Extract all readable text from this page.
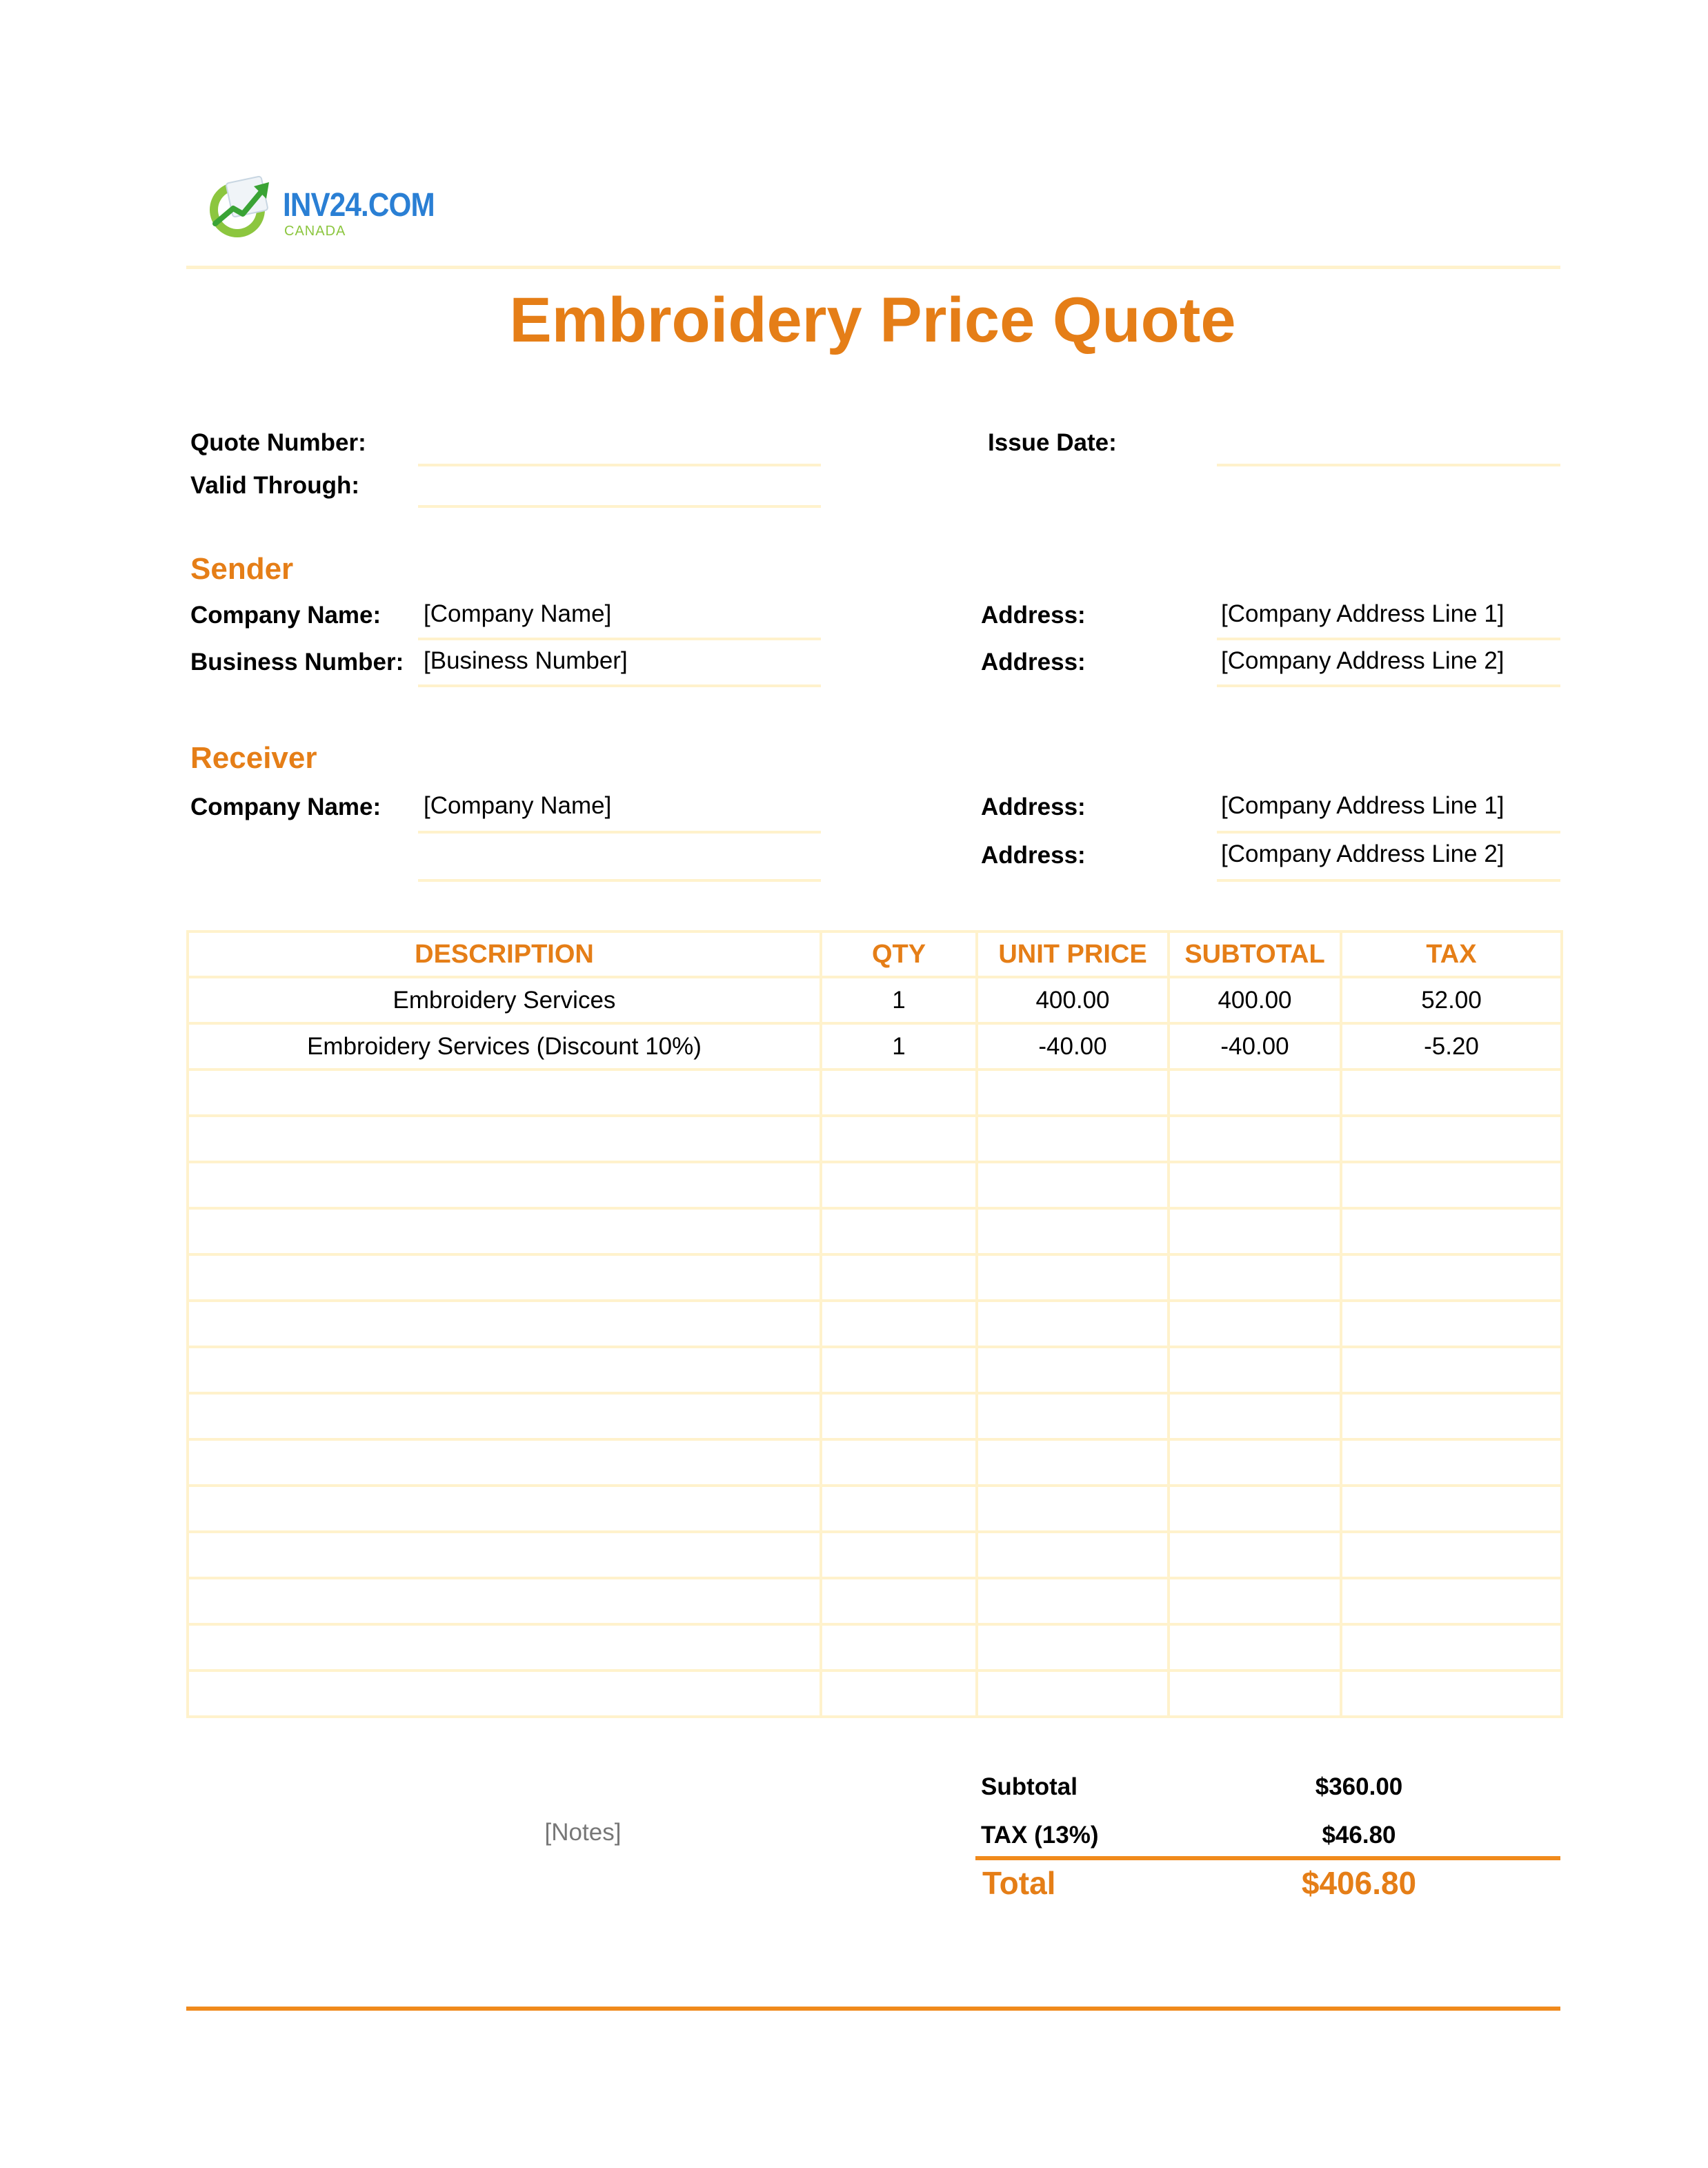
INV24.COM
CANADA
Embroidery Price Quote
Quote Number:
Valid Through:
Issue Date:
Sender
Company Name: [Company Name]
Business Number: [Business Number]
Address:	[Company Address Line 1]
Address:	[Company Address Line 2]
Receiver
Company Name: [Company Name]	Address:	[Company Address Line 1]
Address:	[Company Address Line 2]
DESCRIPTION	QTY	UNIT PRICE	SUBTOTAL	TAX
Embroidery Services	1	400.00	400.00	52.00
Embroidery Services (Discount 10%)	1	-40.00	-40.00	-5.20

[Notes]
Subtotal	$360.00
TAX (13%)	$46.80
Total	$406.80
